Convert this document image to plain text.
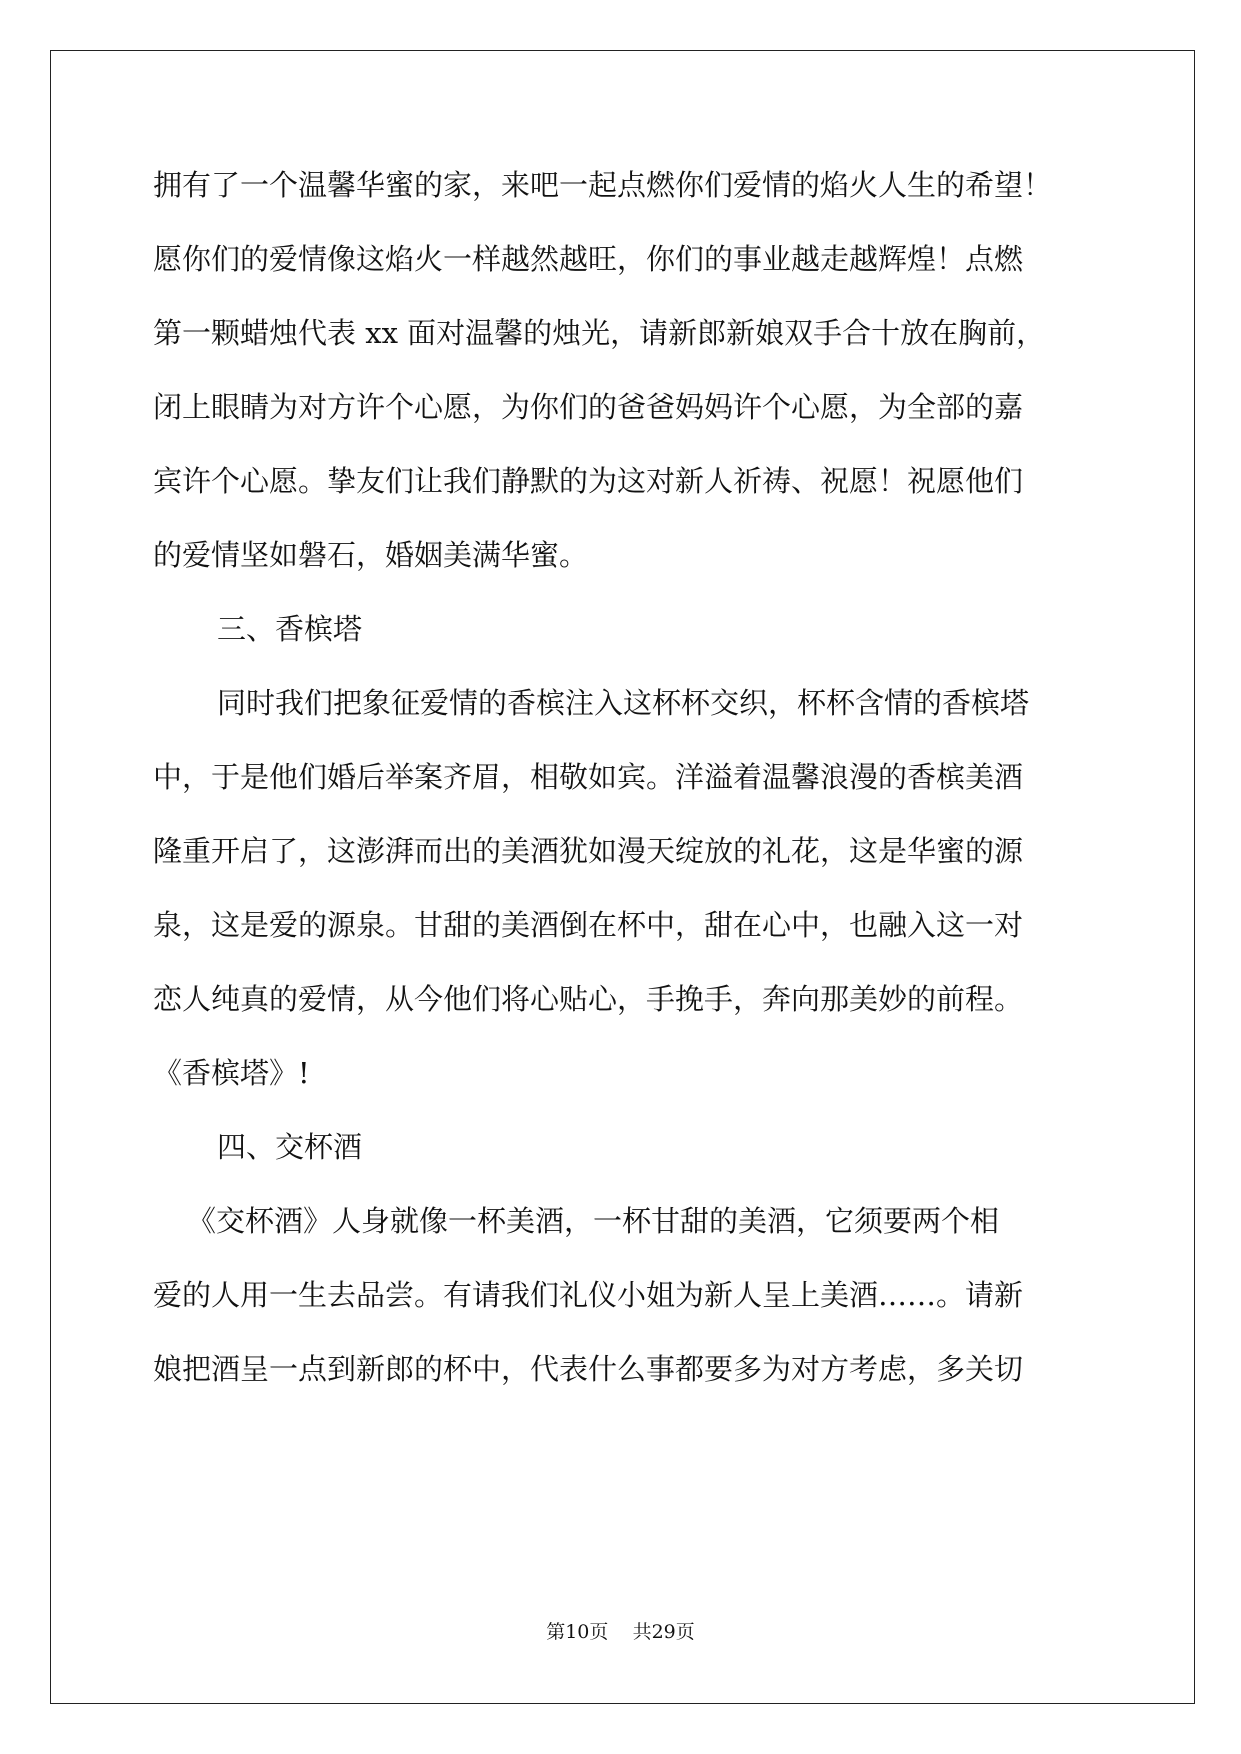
拥有了一个温馨华蜜的家，来吧一起点燃你们爱情的焰火人生的希望！
愿你们的爱情像这焰火一样越然越旺，你们的事业越走越辉煌！点燃
第一颗蜡烛代表 xx 面对温馨的烛光，请新郎新娘双手合十放在胸前，
闭上眼睛为对方许个心愿，为你们的爸爸妈妈许个心愿，为全部的嘉
宾许个心愿。挚友们让我们静默的为这对新人祈祷、祝愿！祝愿他们
的爱情坚如磐石，婚姻美满华蜜。
三、香槟塔
同时我们把象征爱情的香槟注入这杯杯交织，杯杯含情的香槟塔
中，于是他们婚后举案齐眉，相敬如宾。洋溢着温馨浪漫的香槟美酒
隆重开启了，这澎湃而出的美酒犹如漫天绽放的礼花，这是华蜜的源
泉，这是爱的源泉。甘甜的美酒倒在杯中，甜在心中，也融入这一对
恋人纯真的爱情，从今他们将心贴心，手挽手，奔向那美妙的前程。
《香槟塔》!
四、交杯酒
《交杯酒》人身就像一杯美酒，一杯甘甜的美酒，它须要两个相
爱的人用一生去品尝。有请我们礼仪小姐为新人呈上美酒……。请新
娘把酒呈一点到新郎的杯中，代表什么事都要多为对方考虑，多关切
第10页 共29页
